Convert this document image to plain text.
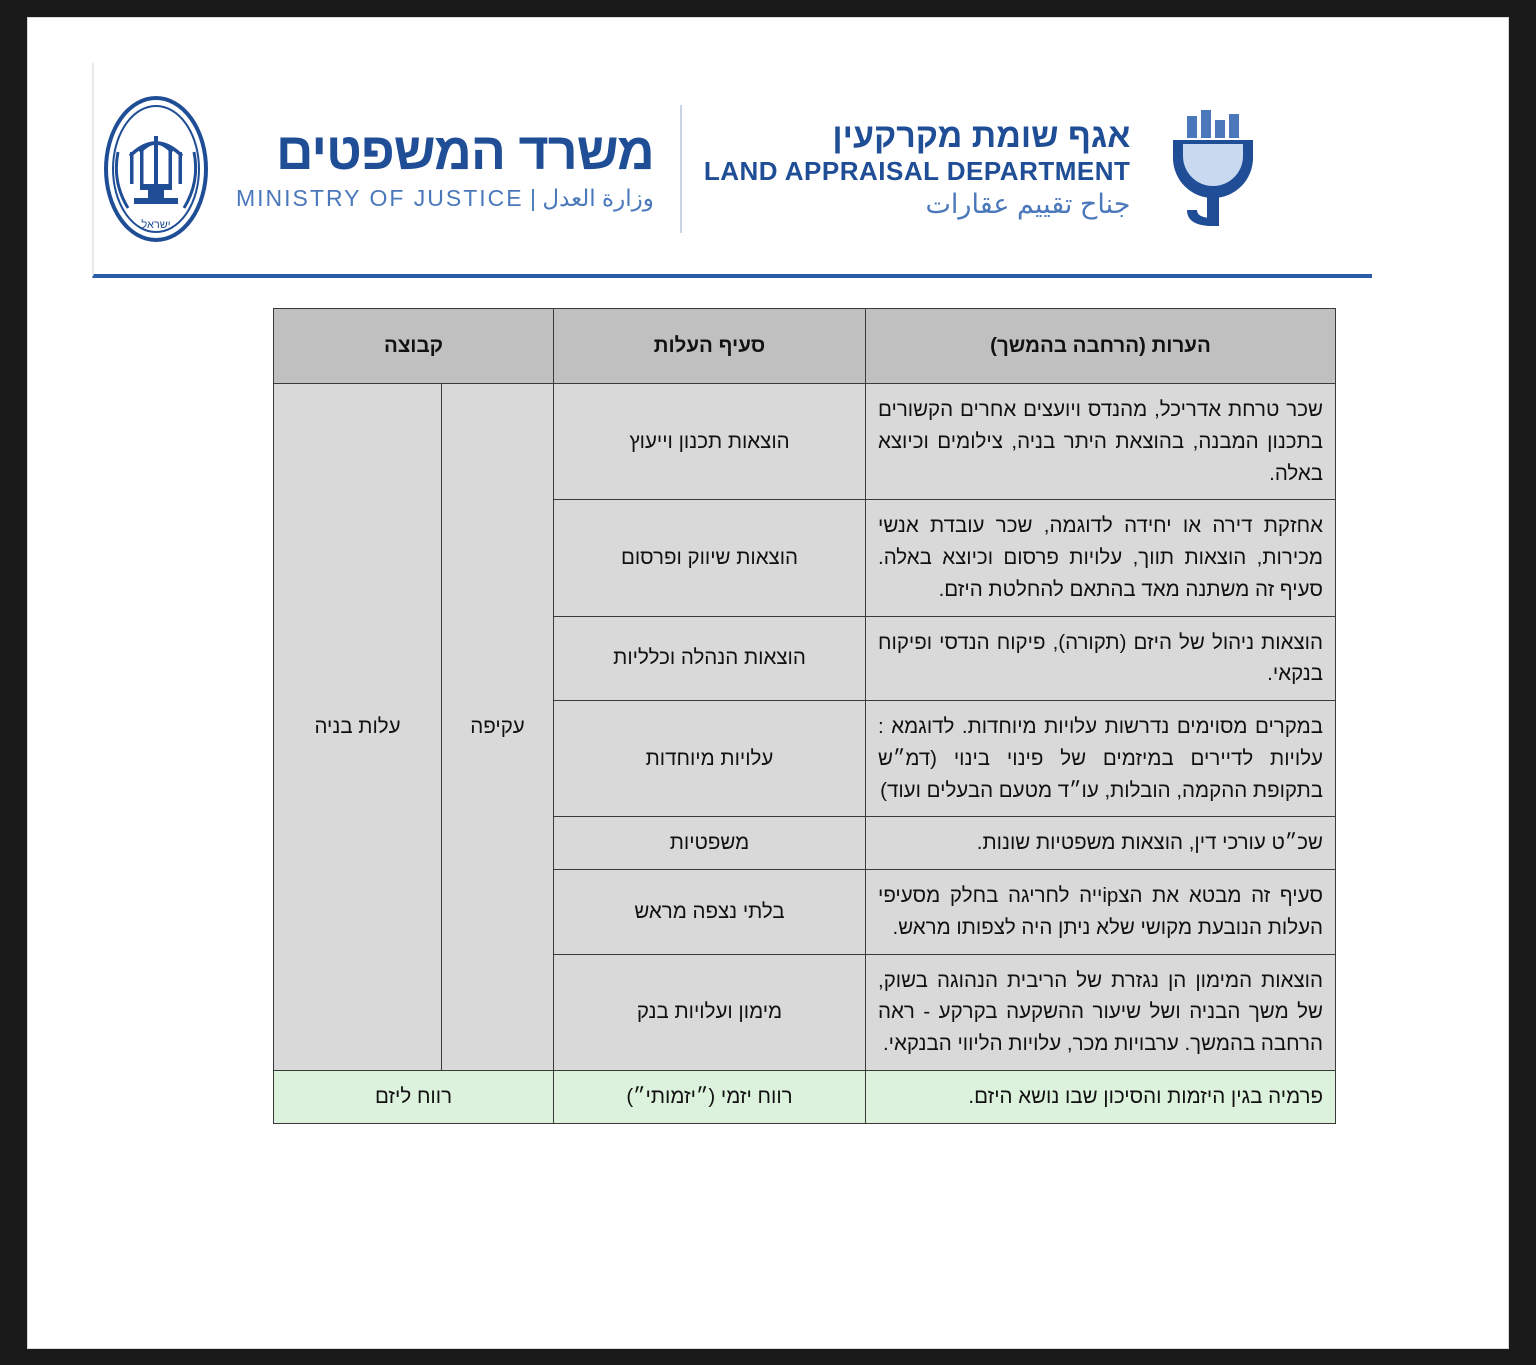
ישראל
משרד המשפטים
وزارة العدل | MINISTRY OF JUSTICE
אגף שומת מקרקעין
LAND APPRAISAL DEPARTMENT
جناح تقييم عقارات
הערות (הרחבה בהמשך)	סעיף העלות	קבוצה	
שכר טרחת אדריכל, מהנדס ויועצים אחרים הקשורים בתכנון המבנה, בהוצאת היתר בניה, צילומים וכיוצא באלה.	הוצאות תכנון וייעוץ	עקיפה	עלות בניה
אחזקת דירה או יחידה לדוגמה, שכר עובדת אנשי מכירות, הוצאות תווך, עלויות פרסום וכיוצא באלה. סעיף זה משתנה מאד בהתאם להחלטת היזם.	הוצאות שיווק ופרסום		
הוצאות ניהול של היזם (תקורה), פיקוח הנדסי ופיקוח בנקאי.	הוצאות הנהלה וכלליות		
במקרים מסוימים נדרשות עלויות מיוחדות. לדוגמא : עלויות לדיירים במיזמים של פינוי בינוי (דמ״ש בתקופת ההקמה, הובלות, עו״ד מטעם הבעלים ועוד)	עלויות מיוחדות		
שכ״ט עורכי דין, הוצאות משפטיות שונות.	משפטיות		
סעיף זה מבטא את הצipייה לחריגה בחלק מסעיפי העלות הנובעת מקושי שלא ניתן היה לצפותו מראש.	בלתי נצפה מראש		
הוצאות המימון הן נגזרת של הריבית הנהוגה בשוק, של משך הבניה ושל שיעור ההשקעה בקרקע - ראה הרחבה בהמשך. ערבויות מכר, עלויות הליווי הבנקאי.	מימון ועלויות בנק		
פרמיה בגין היזמות והסיכון שבו נושא היזם.	רווח יזמי (״יזמותי״)	רווח ליזם	
